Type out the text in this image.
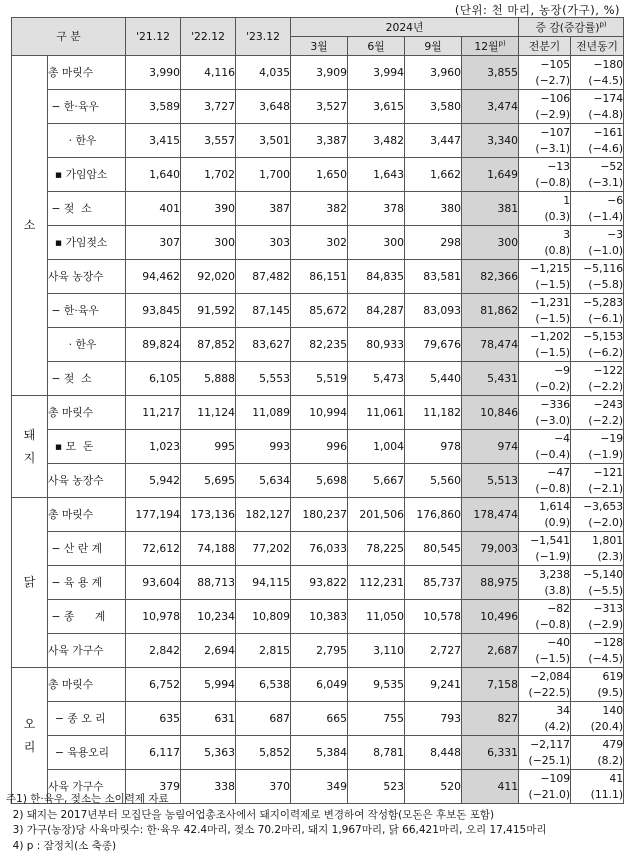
(단위: 천 마리, 농장(가구), %)
구 분		'21.12	'22.12	'23.12	2024년				증 감(증감률)$^{p)}$
					3월	6월	9월	12월$^{p)}$	전분기	전년동기
소	총 마릿수	3,990	4,116	4,035	3,909	3,994	3,960	3,855	−105	−180
									(−2.7)	(−4.5)
	− 한·육우	3,589	3,727	3,648	3,527	3,615	3,580	3,474	−106	−174
									(−2.9)	(−4.8)
	· 한우	3,415	3,557	3,501	3,387	3,482	3,447	3,340	−107	−161
									(−3.1)	(−4.6)
	▪ 가임암소	1,640	1,702	1,700	1,650	1,643	1,662	1,649	−13	−52
									(−0.8)	(−3.1)
	− 젖  소	401	390	387	382	378	380	381	1	−6
									(0.3)	(−1.4)
	▪ 가임젖소	307	300	303	302	300	298	300	3	−3
									(0.8)	(−1.0)
	사육 농장수	94,462	92,020	87,482	86,151	84,835	83,581	82,366	−1,215	−5,116
									(−1.5)	(−5.8)
	− 한·육우	93,845	91,592	87,145	85,672	84,287	83,093	81,862	−1,231	−5,283
									(−1.5)	(−6.1)
	· 한우	89,824	87,852	83,627	82,235	80,933	79,676	78,474	−1,202	−5,153
									(−1.5)	(−6.2)
	− 젖  소	6,105	5,888	5,553	5,519	5,473	5,440	5,431	−9	−122
									(−0.2)	(−2.2)

돼
지	총 마릿수	11,217	11,124	11,089	10,994	11,061	11,182	10,846	−336	−243
									(−3.0)	(−2.2)
	▪ 모  돈	1,023	995	993	996	1,004	978	974	−4	−19
									(−0.4)	(−1.9)
	사육 농장수	5,942	5,695	5,634	5,698	5,667	5,560	5,513	−47	−121
									(−0.8)	(−2.1)
닭	총 마릿수	177,194	173,136	182,127	180,237	201,506	176,860	178,474	1,614	−3,653
									(0.9)	(−2.0)
	− 산 란 계	72,612	74,188	77,202	76,033	78,225	80,545	79,003	−1,541	1,801
									(−1.9)	(2.3)
	− 육 용 계	93,604	88,713	94,115	93,822	112,231	85,737	88,975	3,238	−5,140
									(3.8)	(−5.5)
	− 종      계	10,978	10,234	10,809	10,383	11,050	10,578	10,496	−82	−313
									(−0.8)	(−2.9)
	사육 가구수	2,842	2,694	2,815	2,795	3,110	2,727	2,687	−40	−128
									(−1.5)	(−4.5)

오
리	총 마릿수	6,752	5,994	6,538	6,049	9,535	9,241	7,158	−2,084	619
									(−22.5)	(9.5)
	− 종 오 리	635	631	687	665	755	793	827	34	140
									(4.2)	(20.4)
	− 육용오리	6,117	5,363	5,852	5,384	8,781	8,448	6,331	−2,117	479
									(−25.1)	(8.2)
	사육 가구수	379	338	370	349	523	520	411	−109	41
									(−21.0)	(11.1)
주1) 한·육우, 젖소는 소이력제 자료
2) 돼지는 2017년부터 모집단을 농림어업총조사에서 돼지이력제로 변경하여 작성함(모돈은 후보돈 포함)
3) 가구(농장)당 사육마릿수: 한·육우 42.4마리, 젖소 70.2마리, 돼지 1,967마리, 닭 66,421마리, 오리 17,415마리
4) p : 잠정치(소 축종)
